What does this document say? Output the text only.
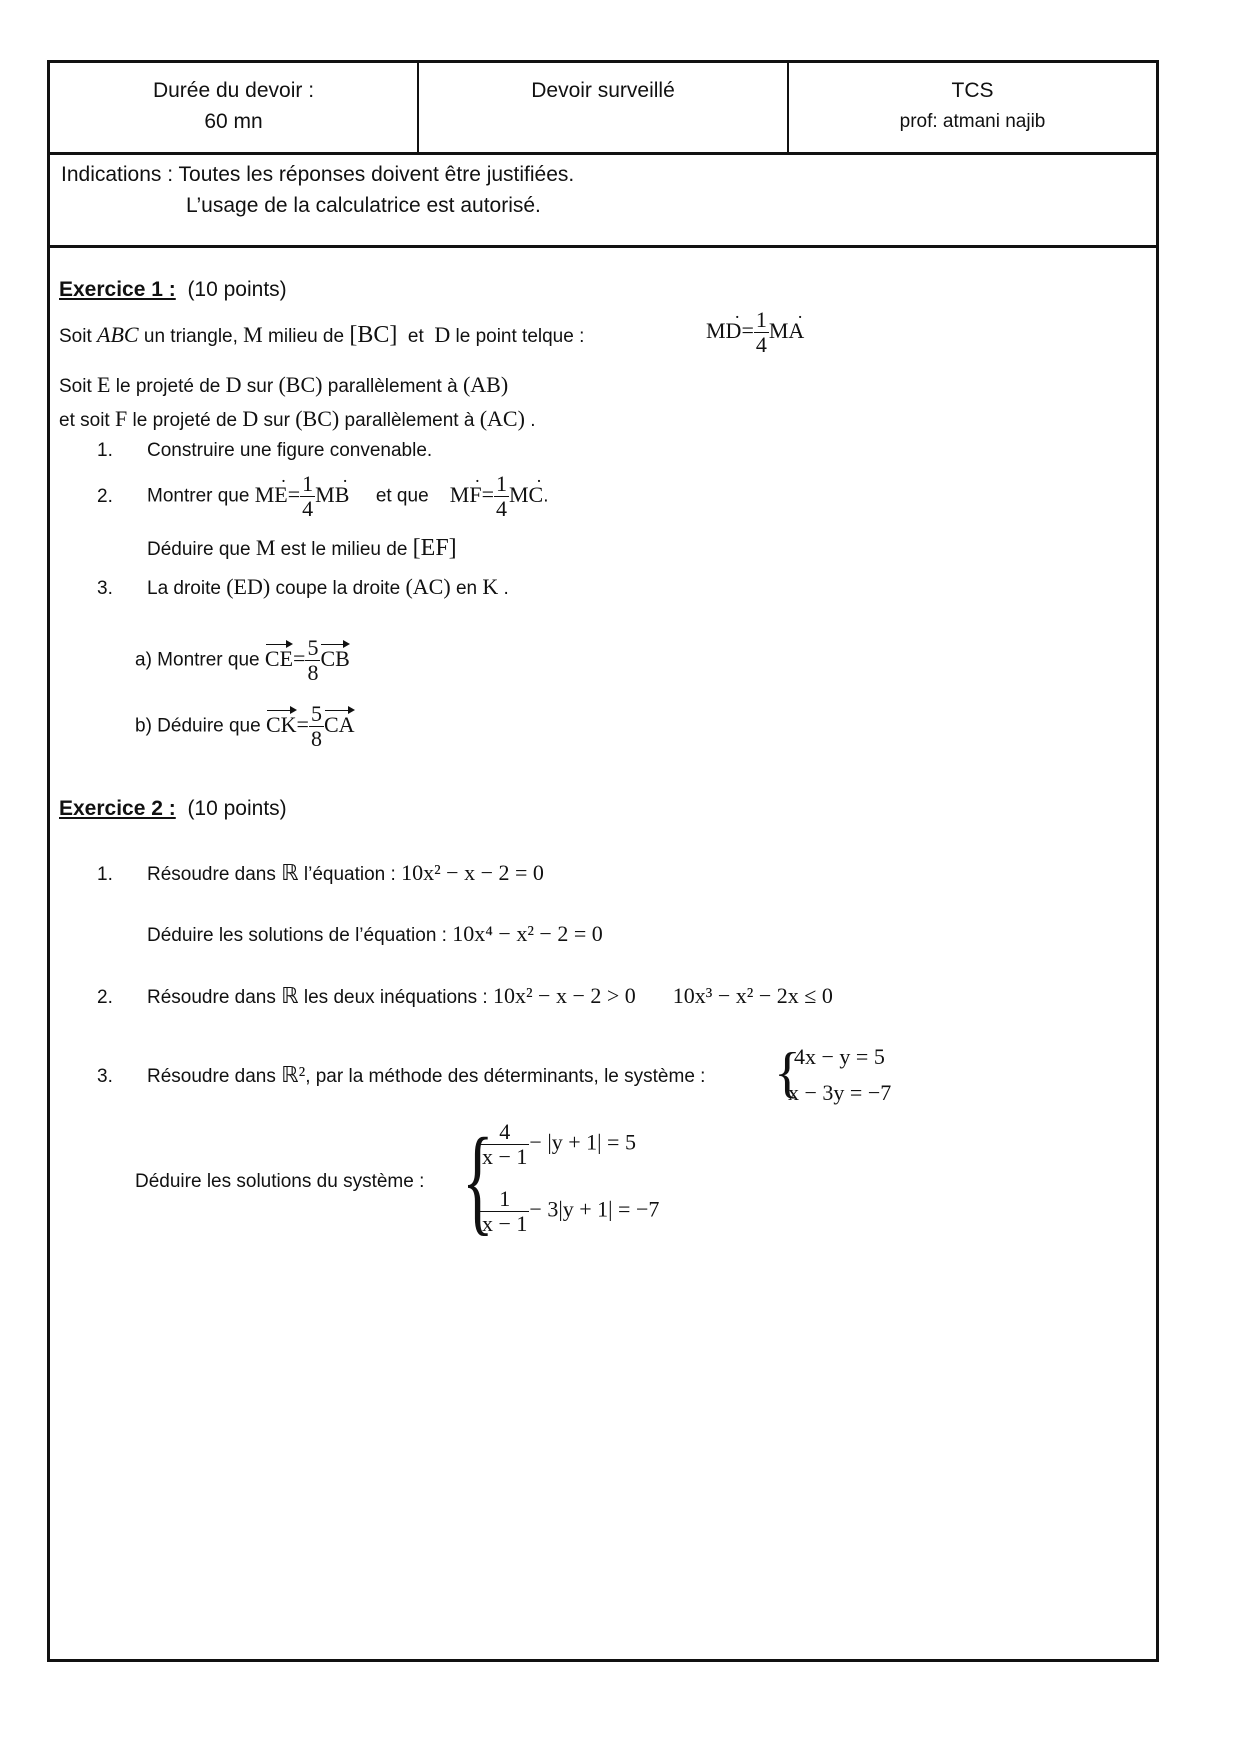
Durée du devoir :
60 mn
Devoir surveillé	TCS
prof: atmani najib
Indications : Toutes les réponses doivent être justifiées.
L’usage de la calculatrice est autorisé.
Exercice 1 : (10 points)
Soit ABC un triangle, M milieu de [BC] et D le point telque :	MD .= $\frac{1}{4}$ MA .
Soit E le projeté de D sur (BC) parallèlement à (AB)
et soit F le projeté de D sur (BC) parallèlement à (AC) .
1. Construire une figure convenable.
2. Montrer que ME .= $\frac{1}{4}$ MB . et que MF .= $\frac{1}{4}$ MC ..
Déduire que M est le milieu de [EF]
3. La droite (ED) coupe la droite (AC) en K .
a) Montrer que $CE= \frac{5}{8}$ CB
b) Déduire que $CK= \frac{5}{8}$ CA
Exercice 2 : (10 points)
1. Résoudre dans ℝ l’équation : 10x² − x − 2 = 0
Déduire les solutions de l’équation : 10x⁴ − x² − 2 = 0
2. Résoudre dans ℝ les deux inéquations : 10x² − x − 2 > 0 10x³ − x² − 2x ≤ 0
3. Résoudre dans ℝ², par la méthode des déterminants, le système : {
4x − y = 5
x − 3y = −7
Déduire les solutions du système : {
$\frac{4}{x - 1} - |y + 1| = 5$
$\frac{1}{x - 1} - 3|y + 1| = -7$
